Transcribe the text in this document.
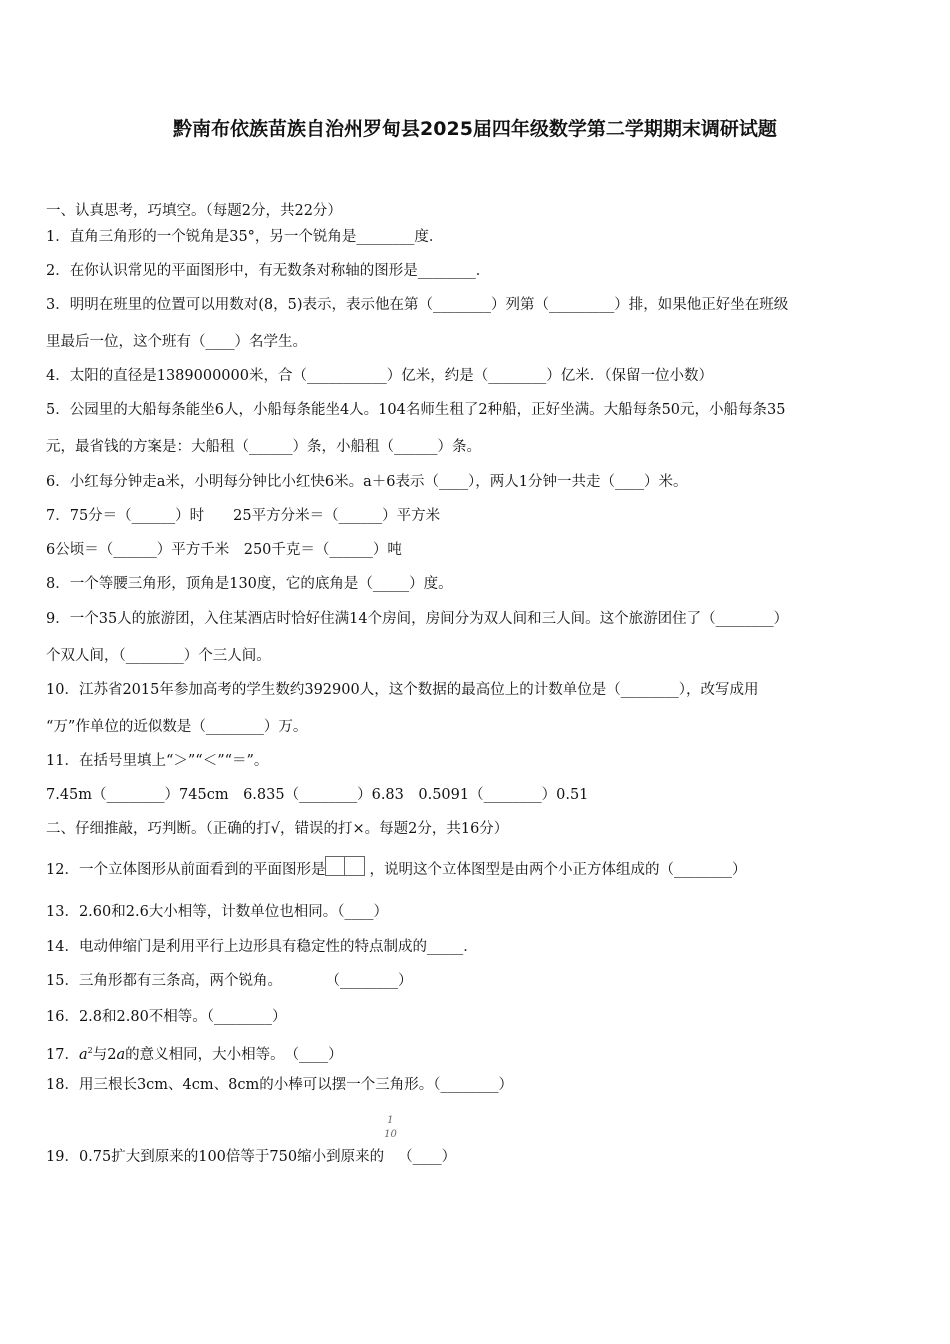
黔南布依族苗族自治州罗甸县2025届四年级数学第二学期期末调研试题
一、认真思考，巧填空。（每题2分，共22分）
1．直角三角形的一个锐角是35°，另一个锐角是________度．
2．在你认识常见的平面图形中，有无数条对称轴的图形是________．
3．明明在班里的位置可以用数对(8，5)表示，表示他在第（________）列第（_________）排，如果他正好坐在班级
里最后一位，这个班有（____）名学生。
4．太阳的直径是1389000000米，合（___________）亿米，约是（________）亿米．（保留一位小数）
5．公园里的大船每条能坐6人，小船每条能坐4人。104名师生租了2种船，正好坐满。大船每条50元，小船每条35
元，最省钱的方案是：大船租（______）条，小船租（______）条。
6．小红每分钟走a米，小明每分钟比小红快6米。a＋6表示（____），两人1分钟一共走（____）米。
7．75分＝（______）时　　25平方分米＝（______）平方米
6公顷＝（______）平方千米　250千克＝（______）吨
8．一个等腰三角形，顶角是130度，它的底角是（_____）度。
9．一个35人的旅游团，入住某酒店时恰好住满14个房间，房间分为双人间和三人间。这个旅游团住了（________）
个双人间，（________）个三人间。
10．江苏省2015年参加高考的学生数约392900人，这个数据的最高位上的计数单位是（________），改写成用
“万”作单位的近似数是（________）万。
11．在括号里填上“＞”“＜”“＝”。
7.45m（________）745cm　6.835（________）6.83　0.5091（________）0.51
二、仔细推敲，巧判断。（正确的打√，错误的打×。每题2分，共16分）
12．一个立体图形从前面看到的平面图形是	，说明这个立体图型是由两个小正方体组成的（________）
13．2.60和2.6大小相等，计数单位也相同。（____）
14．电动伸缩门是利用平行上边形具有稳定性的特点制成的_____．
15．三角形都有三条高，两个锐角。　　　　（________）
16．2.8和2.80不相等。（________）
17．$a^2$与2a的意义相同，大小相等。　（____）
18．用三根长3cm、4cm、8cm的小棒可以摆一个三角形。（________）
19．0.75扩大到原来的100倍等于750缩小到原来的
1
10
（____）
